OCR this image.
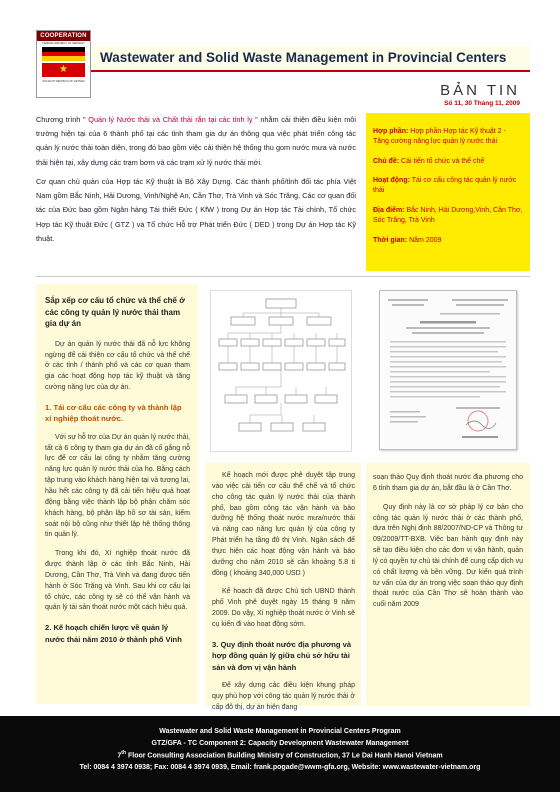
COOPERATION
FEDERAL REPUBLIC OF GERMANY
★
SOCIALIST REPUBLIC OF VIETNAM
Wastewater and Solid Waste Management in Provincial Centers
BẢN TIN
Số 11, 30 Tháng 11, 2009

Chương trình " Quản lý Nước thải và Chất thải rắn tại các tỉnh lỵ " nhằm cải thiện điều kiện môi trường hiện tại của 6 thành phố tại các tỉnh tham gia dự án thông qua việc phát triển công tác quản lý nước thải toàn diện, trong đó bao gồm việc cải thiện hệ thống thu gom nước mưa và nước thải hiện tại, xây dựng các trạm bơm và các trạm xử lý nước thải mới.

Cơ quan chủ quản của Hợp tác Kỹ thuật là Bộ Xây Dựng. Các thành phố/tỉnh đối tác phía Việt Nam gồm Bắc Ninh, Hải Dương, Vinh/Nghệ An, Cần Thơ, Trà Vinh và Sóc Trăng. Các cơ quan đối tác của Đức bao gồm Ngân hàng Tái thiết Đức ( KfW ) trong Dự án Hợp tác Tài chính, Tổ chức Hợp tác Kỹ thuật Đức ( GTZ ) và Tổ chức Hỗ trợ Phát triển Đức ( DED ) trong Dự án Hợp tác Kỹ thuật.

Hợp phần: Hợp phần Hợp tác Kỹ thuật 2 - Tăng cường năng lực quản lý nước thải
Chủ đề: Cải tiến tổ chức và thể chế
Hoạt động: Tái cơ cấu công tác quản lý nước thải
Địa điểm: Bắc Ninh, Hải Dương,Vinh, Cần Thơ, Sóc Trăng, Trà Vinh
Thời gian: Năm 2009
Sắp xếp cơ cấu tổ chức và thể chế ở các công ty quản lý nước thải tham gia dự án

Dự án quản lý nước thải đã nỗ lực không ngừng để cải thiện cơ cấu tổ chức và thể chế ở các tỉnh / thành phố và các cơ quan tham gia các hoạt động hợp tác kỹ thuật và tăng cường năng lực của dự án.

1. Tái cơ cấu các công ty và thành lập xí nghiệp thoát nước.

Với sự hỗ trợ của Dự án quản lý nước thải, tất cả 6 công ty tham gia dự án đã cố gắng nỗ lực để cơ cấu lại công ty nhằm tăng cường năng lực quản lý nước thải của họ. Bằng cách tập trung vào khách hàng hiện tại và tương lai, hầu hết các công ty đã cải tiến hiệu quả hoạt động bằng việc thành lập bộ phận chăm sóc khách hàng, bộ phận lập hồ sơ tài sản, kiểm soát nội bộ cũng như thiết lập hệ thống thông tin quản lý.

Trong khi đó, Xí nghiệp thoát nước đã được thành lập ở các tỉnh Bắc Ninh, Hải Dương, Cần Thơ, Trà Vinh và đang được tiến hành ở Sóc Trăng và Vinh. Sau khi cơ cấu lại tổ chức, các công ty sẽ có thể vận hành và quản lý tài sản thoát nước một cách hiệu quả.

2. Kế hoạch chiến lược về quản lý nước thải năm 2010 ở thành phố Vinh

Kế hoạch mới được phê duyệt tập trung vào việc cải tiến cơ cấu thể chế và tổ chức cho công tác quản lý nước thải của thành phố, bao gồm công tác vận hành và bảo dưỡng hệ thống thoát nước mưa/nước thải và năng cao năng lực quản lý của công ty Phát triển hạ tầng đô thị Vinh. Ngân sách để thực hiện các hoạt động vận hành và bảo dưỡng cho năm 2010 sẽ cần khoảng 5.8 tỉ đồng ( khoảng 340,000 USD )

Kế hoạch đã được Chủ tịch UBND thành phố Vinh phê duyệt ngày 15 tháng 9 năm 2009. Do vậy, Xí nghiệp thoát nước ở Vinh sẽ cụ kiến đi vào hoạt động sớm.

3. Quy định thoát nước địa phương và hợp đồng quản lý giữa chủ sở hữu tài sản và đơn vị vận hành

Để xây dựng các điều kiện khung pháp quy phù hợp với công tác quản lý nước thải ở cấp đô thị, dự án hiện đang

soạn thảo Quy định thoát nước địa phương cho 6 tỉnh tham gia dự án, bắt đầu là ở Cần Thơ.

Quy định này là cơ sở pháp lý cơ bản cho công tác quản lý nước thải ở các thành phố, dựa trên Nghị định 88/2007/ND-CP và Thông tư 09/2009/TT-BXB. Việc ban hành quy định này sẽ tạo điều kiện cho các đơn vị vận hành, quản lý có quyền tự chủ tài chính để cung cấp dịch vụ có chất lượng và bền vững. Dự kiến quá trình tư vấn của dự án trong việc soạn thảo quy định thoát nước của Cần Thơ sẽ hoàn thành vào cuối năm 2009

Wastewater and Solid Waste Management in Provincial Centers Program
GTZ/GFA - TC Component 2: Capacity Development Wastewater Management
7th Floor Consulting Association Building Ministry of Construction, 37 Le Dai Hanh Hanoi Vietnam
Tel: 0084 4 3974 0938; Fax: 0084 4 3974 0939, Email: frank.pogade@wwm-gfa.org, Website: www.wastewater-vietnam.org
